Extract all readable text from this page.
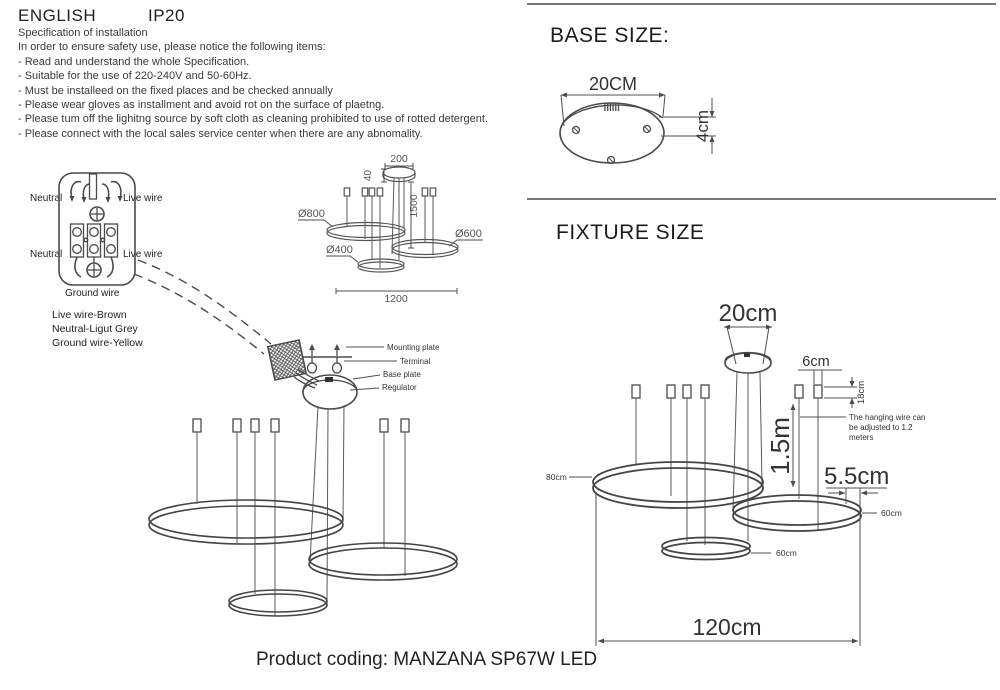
ENGLISH	IP20
Specification of installation
In order to ensure safety use, please notice the following items:
- Read and understand the whole Specification.
- Suitable for the use of 220-240V and 50-60Hz.
- Must be installeed on the fixed places and be checked annually
- Please wear gloves as installment and avoid rot on the surface of plaetng.
- Please tum off the lighitng source by soft cloth as cleaning prohibited to use of rotted detergent.
- Please connect with the local sales service center when there are any abnomality.
Neutral	Live wire
Neutral	Live wire
Ground wire
Live wire-Brown
Neutral-Ligut Grey
Ground wire-Yellow
BASE SIZE:
FIXTURE SIZE
Product coding: MANZANA SP67W LED
Mounting plate
Terminal
Base plate
Regulator
200
40
1500
Ø800
Ø600
Ø400
1200
20CM
4cm
20cm
1.5m
6cm
18cm
The hanging wire can
be adjusted to 1.2
meters
5.5cm
80cm
60cm
60cm
120cm
